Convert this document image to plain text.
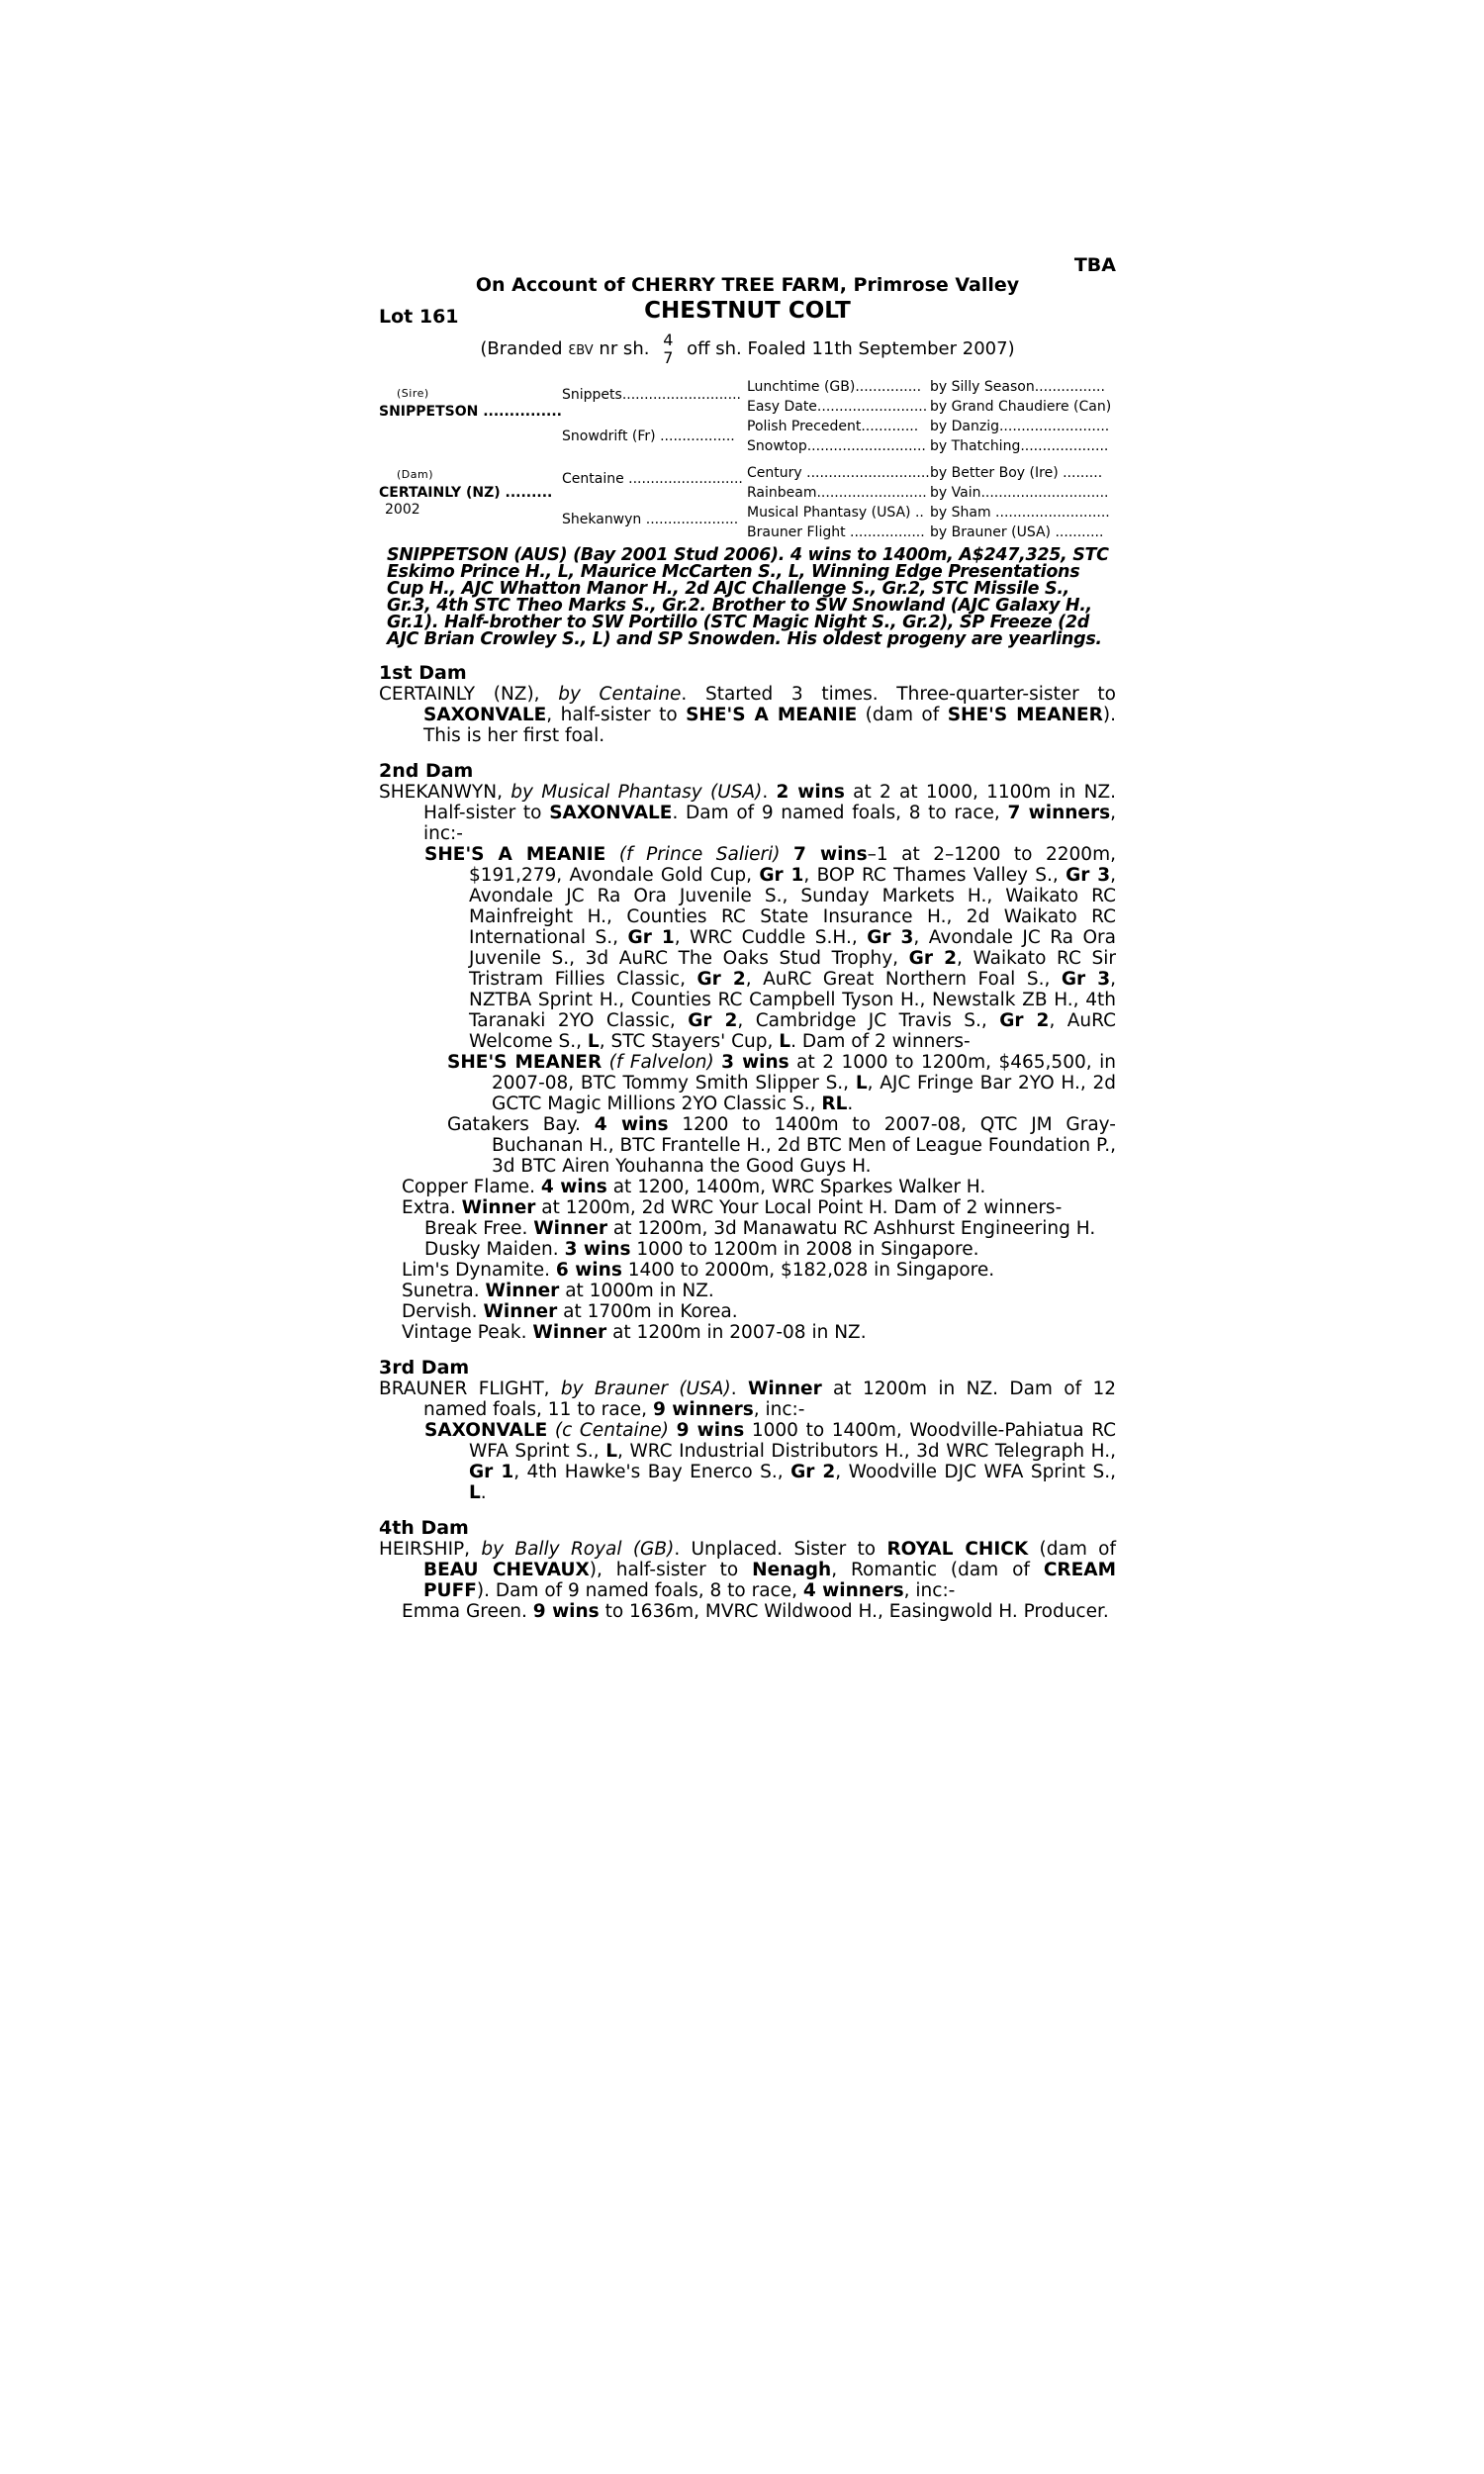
TBA
On Account of CHERRY TREE FARM, Primrose Valley
Lot 161	CHESTNUT COLT
(Branded ƐBV nr sh. 4
7 off sh. Foaled 11th September 2007)
(Sire)
SNIPPETSON ...............
(Dam)
CERTAINLY (NZ) .........
2002
Snippets...........................
Snowdrift (Fr) .................
Centaine ..........................
Shekanwyn .....................
Lunchtime (GB)...............
Easy Date.........................
Polish Precedent.............
Snowtop...........................
Century ............................
Rainbeam.........................
Musical Phantasy (USA) ..
Brauner Flight .................
by Silly Season................
by Grand Chaudiere (Can)
by Danzig.........................
by Thatching....................
by Better Boy (Ire) .........
by Vain.............................
by Sham ..........................
by Brauner (USA) ...........
SNIPPETSON (AUS) (Bay 2001 Stud 2006). 4 wins to 1400m, A$247,325, STC Eskimo Prince H., L, Maurice McCarten S., L, Winning Edge Presentations Cup H., AJC Whatton Manor H., 2d AJC Challenge S., Gr.2, STC Missile S., Gr.3, 4th STC Theo Marks S., Gr.2. Brother to SW Snowland (AJC Galaxy H., Gr.1). Half-brother to SW Portillo (STC Magic Night S., Gr.2), SP Freeze (2d AJC Brian Crowley S., L) and SP Snowden. His oldest progeny are yearlings.
1st Dam

CERTAINLY (NZ), by Centaine. Started 3 times. Three-quarter-sister to SAXONVALE, half-sister to SHE'S A MEANIE (dam of SHE'S MEANER). This is her first foal.

2nd Dam

SHEKANWYN, by Musical Phantasy (USA). 2 wins at 2 at 1000, 1100m in NZ. Half-sister to SAXONVALE. Dam of 9 named foals, 8 to race, 7 winners, inc:-

SHE'S A MEANIE (f Prince Salieri) 7 wins–1 at 2–1200 to 2200m, $191,279, Avondale Gold Cup, Gr 1, BOP RC Thames Valley S., Gr 3, Avondale JC Ra Ora Juvenile S., Sunday Markets H., Waikato RC Mainfreight H., Counties RC State Insurance H., 2d Waikato RC International S., Gr 1, WRC Cuddle S.H., Gr 3, Avondale JC Ra Ora Juvenile S., 3d AuRC The Oaks Stud Trophy, Gr 2, Waikato RC Sir Tristram Fillies Classic, Gr 2, AuRC Great Northern Foal S., Gr 3, NZTBA Sprint H., Counties RC Campbell Tyson H., Newstalk ZB H., 4th Taranaki 2YO Classic, Gr 2, Cambridge JC Travis S., Gr 2, AuRC Welcome S., L, STC Stayers' Cup, L. Dam of 2 winners-

SHE'S MEANER (f Falvelon) 3 wins at 2 1000 to 1200m, $465,500, in 2007-08, BTC Tommy Smith Slipper S., L, AJC Fringe Bar 2YO H., 2d GCTC Magic Millions 2YO Classic S., RL.

Gatakers Bay. 4 wins 1200 to 1400m to 2007-08, QTC JM Gray-Buchanan H., BTC Frantelle H., 2d BTC Men of League Foundation P., 3d BTC Airen Youhanna the Good Guys H.

Copper Flame. 4 wins at 1200, 1400m, WRC Sparkes Walker H.

Extra. Winner at 1200m, 2d WRC Your Local Point H. Dam of 2 winners-

Break Free. Winner at 1200m, 3d Manawatu RC Ashhurst Engineering H.

Dusky Maiden. 3 wins 1000 to 1200m in 2008 in Singapore.

Lim's Dynamite. 6 wins 1400 to 2000m, $182,028 in Singapore.

Sunetra. Winner at 1000m in NZ.

Dervish. Winner at 1700m in Korea.

Vintage Peak. Winner at 1200m in 2007-08 in NZ.

3rd Dam

BRAUNER FLIGHT, by Brauner (USA). Winner at 1200m in NZ. Dam of 12 named foals, 11 to race, 9 winners, inc:-

SAXONVALE (c Centaine) 9 wins 1000 to 1400m, Woodville-Pahiatua RC WFA Sprint S., L, WRC Industrial Distributors H., 3d WRC Telegraph H., Gr 1, 4th Hawke's Bay Enerco S., Gr 2, Woodville DJC WFA Sprint S., L.

4th Dam

HEIRSHIP, by Bally Royal (GB). Unplaced. Sister to ROYAL CHICK (dam of BEAU CHEVAUX), half-sister to Nenagh, Romantic (dam of CREAM PUFF). Dam of 9 named foals, 8 to race, 4 winners, inc:-

Emma Green. 9 wins to 1636m, MVRC Wildwood H., Easingwold H. Producer.
